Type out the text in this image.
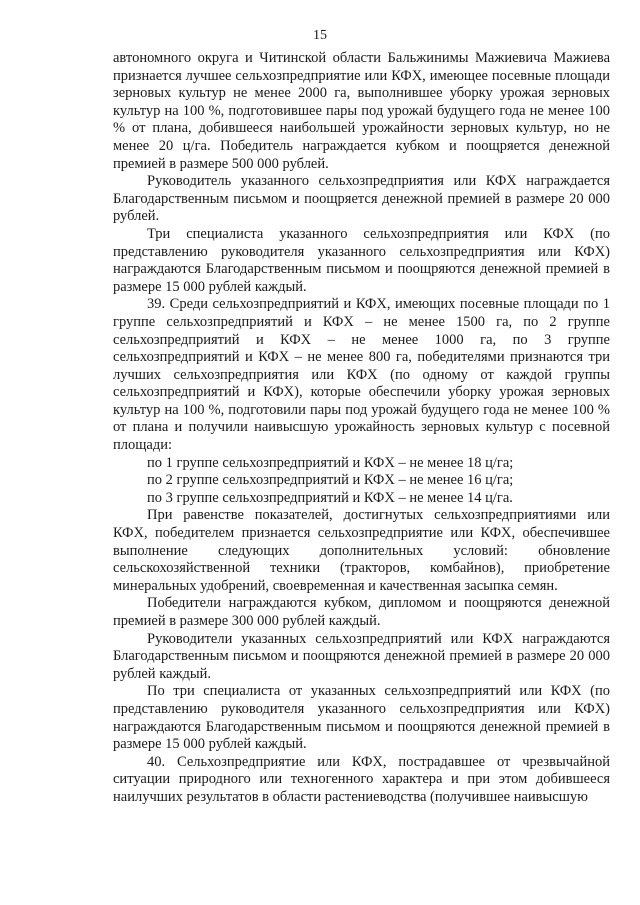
15

автономного округа и Читинской области Бальжинимы Мажиевича Мажиева признается лучшее сельхозпредприятие или КФХ, имеющее посевные площади зерновых культур не менее 2000 га, выполнившее уборку урожая зерновых культур на 100 %, подготовившее пары под урожай будущего года не менее 100 % от плана, добившееся наибольшей урожайности зерновых культур, но не менее 20 ц/га. Победитель награждается кубком и поощряется денежной премией в размере 500 000 рублей.

Руководитель указанного сельхозпредприятия или КФХ награждается Благодарственным письмом и поощряется денежной премией в размере 20 000 рублей.

Три специалиста указанного сельхозпредприятия или КФХ (по представлению руководителя указанного сельхозпредприятия или КФХ) награждаются Благодарственным письмом и поощряются денежной премией в размере 15 000 рублей каждый.

39. Среди сельхозпредприятий и КФХ, имеющих посевные площади по 1 группе сельхозпредприятий и КФХ – не менее 1500 га, по 2 группе сельхозпредприятий и КФХ – не менее 1000 га, по 3 группе сельхозпредприятий и КФХ – не менее 800 га, победителями признаются три лучших сельхозпредприятия или КФХ (по одному от каждой группы сельхозпредприятий и КФХ), которые обеспечили уборку урожая зерновых культур на 100 %, подготовили пары под урожай будущего года не менее 100 % от плана и получили наивысшую урожайность зерновых культур с посевной площади:

по 1 группе сельхозпредприятий и КФХ – не менее 18 ц/га;

по 2 группе сельхозпредприятий и КФХ – не менее 16 ц/га;

по 3 группе сельхозпредприятий и КФХ – не менее 14 ц/га.

При равенстве показателей, достигнутых сельхозпредприятиями или КФХ, победителем признается сельхозпредприятие или КФХ, обеспечившее выполнение следующих дополнительных условий: обновление сельскохозяйственной техники (тракторов, комбайнов), приобретение минеральных удобрений, своевременная и качественная засыпка семян.

Победители награждаются кубком, дипломом и поощряются денежной премией в размере 300 000 рублей каждый.

Руководители указанных сельхозпредприятий или КФХ награждаются Благодарственным письмом и поощряются денежной премией в размере 20 000 рублей каждый.

По три специалиста от указанных сельхозпредприятий или КФХ (по представлению руководителя указанного сельхозпредприятия или КФХ) награждаются Благодарственным письмом и поощряются денежной премией в размере 15 000 рублей каждый.

40. Сельхозпредприятие или КФХ, пострадавшее от чрезвычайной ситуации природного или техногенного характера и при этом добившееся наилучших результатов в области растениеводства (получившее наивысшую
